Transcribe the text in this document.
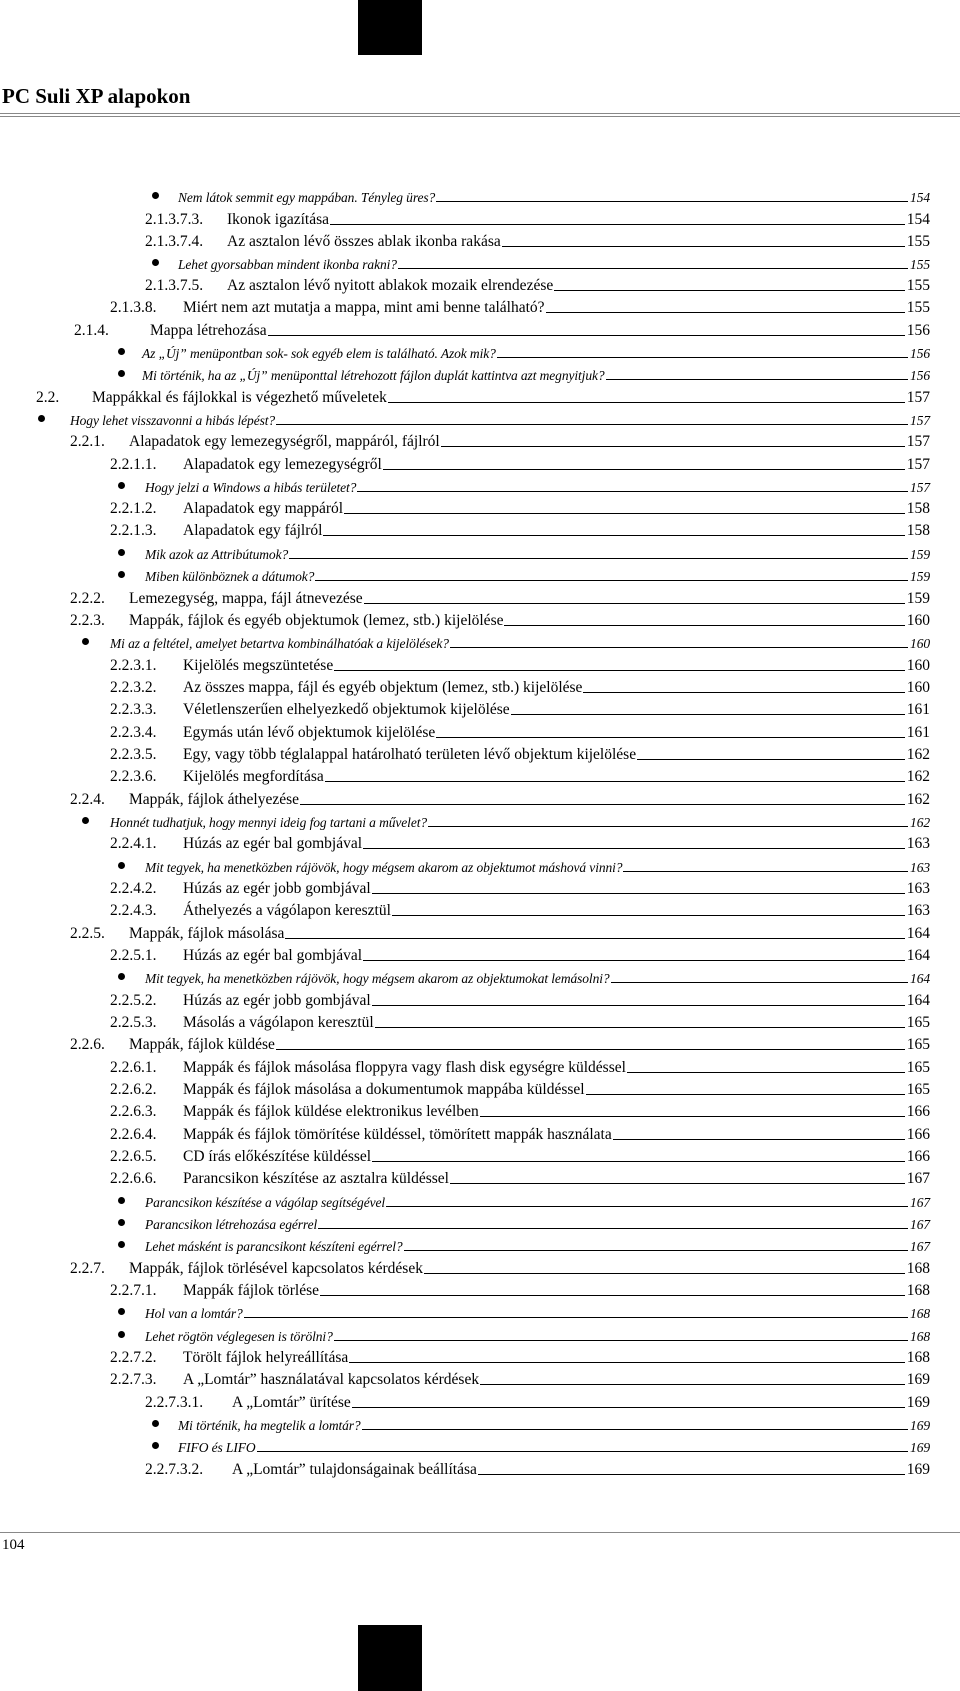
PC Suli XP alapokon
Nem látok semmit egy mappában. Tényleg üres?	154
2.1.3.7.3.	Ikonok igazítása	154
2.1.3.7.4.	Az asztalon lévő összes ablak ikonba rakása	155
Lehet gyorsabban mindent ikonba rakni?	155
2.1.3.7.5.	Az asztalon lévő nyitott ablakok mozaik elrendezése	155
2.1.3.8.	Miért nem azt mutatja a mappa, mint ami benne található?	155
2.1.4.	Mappa létrehozása	156
Az „Új” menüpontban sok- sok egyéb elem is található. Azok mik?	156
Mi történik, ha az „Új” menüponttal létrehozott fájlon duplát kattintva azt megnyitjuk?	156
2.2.	Mappákkal és fájlokkal is végezhető műveletek	157
Hogy lehet visszavonni a hibás lépést?	157
2.2.1.	Alapadatok egy lemezegységről, mappáról, fájlról	157
2.2.1.1.	Alapadatok egy lemezegységről	157
Hogy jelzi a Windows a hibás területet?	157
2.2.1.2.	Alapadatok egy mappáról	158
2.2.1.3.	Alapadatok egy fájlról	158
Mik azok az Attribútumok?	159
Miben különböznek a dátumok?	159
2.2.2.	Lemezegység, mappa, fájl átnevezése	159
2.2.3.	Mappák, fájlok és egyéb objektumok (lemez, stb.) kijelölése	160
Mi az a feltétel, amelyet betartva kombinálhatóak a kijelölések?	160
2.2.3.1.	Kijelölés megszüntetése	160
2.2.3.2.	Az összes mappa, fájl és egyéb objektum (lemez, stb.) kijelölése	160
2.2.3.3.	Véletlenszerűen elhelyezkedő objektumok kijelölése	161
2.2.3.4.	Egymás után lévő objektumok kijelölése	161
2.2.3.5.	Egy, vagy több téglalappal határolható területen lévő objektum kijelölése	162
2.2.3.6.	Kijelölés megfordítása	162
2.2.4.	Mappák, fájlok áthelyezése	162
Honnét tudhatjuk, hogy mennyi ideig fog tartani a művelet?	162
2.2.4.1.	Húzás az egér bal gombjával	163
Mit tegyek, ha menetközben rájövök, hogy mégsem akarom az objektumot máshová vinni?	163
2.2.4.2.	Húzás az egér jobb gombjával	163
2.2.4.3.	Áthelyezés a vágólapon keresztül	163
2.2.5.	Mappák, fájlok másolása	164
2.2.5.1.	Húzás az egér bal gombjával	164
Mit tegyek, ha menetközben rájövök, hogy mégsem akarom az objektumokat lemásolni?	164
2.2.5.2.	Húzás az egér jobb gombjával	164
2.2.5.3.	Másolás a vágólapon keresztül	165
2.2.6.	Mappák, fájlok küldése	165
2.2.6.1.	Mappák és fájlok másolása floppyra vagy flash disk egységre küldéssel	165
2.2.6.2.	Mappák és fájlok másolása a dokumentumok mappába küldéssel	165
2.2.6.3.	Mappák és fájlok küldése elektronikus levélben	166
2.2.6.4.	Mappák és fájlok tömörítése küldéssel, tömörített mappák használata	166
2.2.6.5.	CD írás előkészítése küldéssel	166
2.2.6.6.	Parancsikon készítése az asztalra küldéssel	167
Parancsikon készítése a vágólap segítségével	167
Parancsikon létrehozása egérrel	167
Lehet másként is parancsikont készíteni egérrel?	167
2.2.7.	Mappák, fájlok törlésével kapcsolatos kérdések	168
2.2.7.1.	Mappák fájlok törlése	168
Hol van a lomtár?	168
Lehet rögtön véglegesen is törölni?	168
2.2.7.2.	Törölt fájlok helyreállítása	168
2.2.7.3.	A „Lomtár” használatával kapcsolatos kérdések	169
2.2.7.3.1.	A „Lomtár” ürítése	169
Mi történik, ha megtelik a lomtár?	169
FIFO és LIFO	169
2.2.7.3.2.	A „Lomtár” tulajdonságainak beállítása	169
104
